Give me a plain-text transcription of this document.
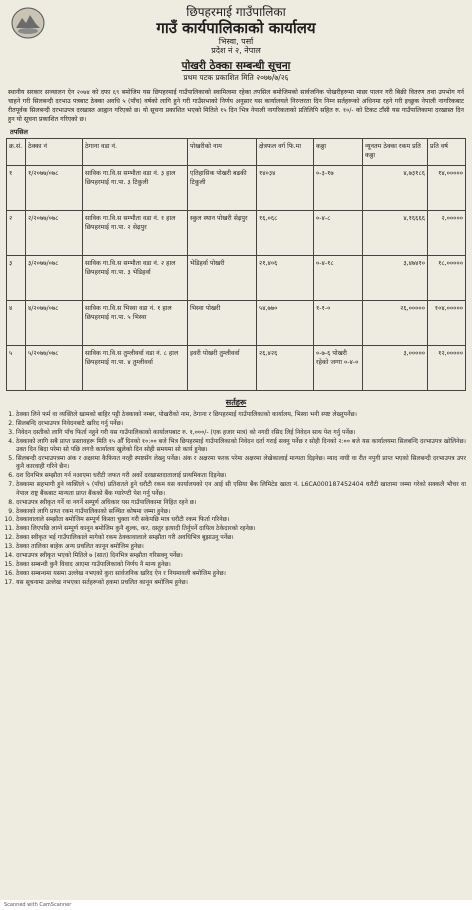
छिपहरमाई गाउँपालिका
गाउँ कार्यपालिकाको कार्यालय
भिस्वा, पर्सा
प्रदेश नं २, नेपाल
पोखरी ठेक्का सम्बन्धी सूचना
प्रथम पटक प्रकाशित मिति २०७७/७/२६
स्थानीय सरकार सञ्चालन ऐन २०७४ को दफा ६९ बमोजिम यस छिपहरमाई गाउँपालिकाको स्वामित्वमा रहेका तपसिल बमोजिमको सार्वजनिक पोखरीहरूमा माछा पालन गरी बिक्री वितरण तथा उपभोग गर्न चाहने गरी सिलबन्दी दरभाउ पत्रबाट ठेक्का अवधि ५ (पाँच) वर्षको लागि हुने गरी गाउँसभाको निर्णय अनुसार यस कार्यालयले निरन्तरता दिन निम्न सर्तहरूको अधिनमा रहने गरी इच्छुक नेपाली नागरिकबाट रीतपूर्वक सिलबन्दी दरभाउपत्र दरखास्त आह्वान गरिएको छ। यो सूचना प्रकाशित भएको मितिले १५ दिन भित्र नेपाली नागरिकताको प्रतिलिपि सहित रु. १०/- को टिकट टाँसी यस गाउँपालिकामा दरखास्त दिन हुन यो सूचना प्रकाशित गरिएको छ।
तपसिल
क्र.सं.	ठेक्का नं	ठेगाना वडा नं.	पोखरीको नाम	क्षेत्रफल वर्ग फि.मा	कठ्ठा	न्यूनतम ठेक्का रकम प्रति कठ्ठा	प्रति वर्ष
१	१/२०७७/०७८	साविक गा.वि.स सम्भौता वडा नं. ३ हाल छिपहरमाई गा.पा. ३ टिकुली	एतिहासिक पोखरी बढकी टिकुली	१४०३४	०-३-१७	४,७३१८६	१४,०००००
२	२/२०७७/०७८	साविक गा.वि.स सम्भौता वडा नं. १ हाल छिपहरमाई गा.पा. २ सेढ़पुर	स्कुल स्थान पोखरी सेढ़पुर	१६,०६८	०-४-८	४,१६६६६	२,०००००
३	३/२०७७/०७८	साविक गा.वि.स सम्भौता वडा नं. २ हाल छिपहरमाई गा.पा. ३ भेडिहर्वा	भेडिहर्वा पोखरी	२१,४०६	०-४-१८	३,४७४१०	१८,०००००
४	४/२०७७/०७८	साविक गा.वि.स भिस्वा वडा नं. १ हाल छिपहरमाई गा.पा. ५ भिस्वा	भिस्वा पोखरी	५४,७७०	१-१-०	२६,०००००	१०४,०००००
५	५/२०७७/०७८	साविक गा.वि.स तुम्लीवर्वा वडा नं. ८ हाल छिपहरमाई गा.पा. ४ तुम्लीवर्वा	इवरी पोखरी तुम्लीवर्वा	२६,४२६	०-७-६ पोखरी रहेको जग्गा ०-४-०	३,०००००	१२,०००००
सर्तहरू
1. ठेक्का लिने फर्म वा व्यक्तिले खामको बाहिर पट्टी ठेक्काको नम्बर, पोखरीको नाम, ठेगाना र छिपहरमाई गाउँपालिकाको कार्यालय, भिस्वा भनी स्पष्ट लेख्नुपर्नेछ।
2. सिलबन्दि दरभाउपत्र निवेदनबाटै खरिद गर्नु पर्नेछ।
3. निवेदन दस्तीको लागि पाँच फिर्ता नहुने गरी यस गाउँपालिकाको कार्यालयबाट रु. १,०००/- (एक हजार मात्र) को नगदी रसिद लिई निवेदन साथ पेश गर्नु पर्नेछ।
4. ठेक्काको लागि सबै प्राप्त प्रस्तावहरू मिति १५ औँ दिनको १०:०० बजे भित्र छिपहरमाई गाउँपालिकाको निवेदन दर्ता गराई सक्नु पर्नेछ र सोही दिनको २:०० बजे यस कार्यालयमा सिलबन्दि दरभाउपत्र खोलिनेछ। उक्त दिन बिदा परेमा सो पछि लगत्तै कार्यालय खुलेको दिन सोही समयमा सो कार्य हुनेछ।
5. सिलबन्दी दरभाउपत्रमा अंक र अक्षरमा कैफियत नरही स्पष्टसँग लेख्नु पर्नेछ। अंक र अक्षरमा फरक परेमा अक्षरमा लेखेकालाई मान्यता दिइनेछ। म्याद नाघी वा रीत नपुगी प्राप्त भएको सिलबन्दी दरभाउपत्र उपर कुनै कारवाही गरिने छैन।
6. दश दिनभित्र सम्झौता गर्न नआएमा धरौटी जफत गरी अर्को दरखास्तदातालाई प्राथमिकता दिइनेछ।
7. ठेक्कामा सहभागी हुने व्यक्तिले ५ (पाँच) प्रतिशतले हुने धरौटी रकम यस कार्यालयको एन आई सी एसिया बैंक लिमिटेड खाता नं. L6CA000187452404 धरौटी खातामा जम्मा गरेको सक्कलै भौचर वा नेपाल राष्ट्र बैंकबाट मान्यता प्राप्त बैंकको बैंक ग्यारेण्टी पेश गर्नु पर्नेछ।
8. दरभाउपत्र स्वीकृत गर्ने वा नगर्ने सम्पूर्ण अधिकार यस गाउँपालिकामा निहित रहने छ।
9. ठेक्काको लागि प्राप्त रकम गाउँपालिकाको सञ्चित कोषमा जम्मा हुनेछ।
10. ठेक्कावालाले सम्झौता बमोजिम सम्पूर्ण किस्ता चुक्ता गरी सकेपछि मात्र धरौटी रकम फिर्ता गरिनेछ।
11. ठेक्का लिएपछि लाग्ने सम्पूर्ण कानून बमोजिम कुनै शुल्क, कर, दस्तुर इत्यादी तिर्नुपर्ने दायित्व ठेकेदारको रहनेछ।
12. ठेक्का स्वीकृत भई गाउँपालिकाले मागेको रकम ठेक्कावालाले सम्झौता गरी अवधिभित्र बुझाउनु पर्नेछ।
13. ठेक्का तालिका बाहेक अन्य प्रचलित कानून बमोजिम हुनेछ।
14. दरभाउपत्र स्वीकृत भएको मितिले ७ (सात) दिनभित्र सम्झौता गरिसक्नु पर्नेछ।
15. ठेक्का सम्बन्धी कुनै विवाद आएमा गाउँपालिकाको निर्णय नै मान्य हुनेछ।
16. ठेक्का सम्बन्धमा यसमा उल्लेख नभएको कुरा सार्वजनिक खरिद ऐन र नियमावली बमोजिम हुनेछ।
17. यस सूचनामा उल्लेख नभएका सर्तहरूको हकमा प्रचलित कानून बमोजिम हुनेछ।
Scanned with CamScanner
